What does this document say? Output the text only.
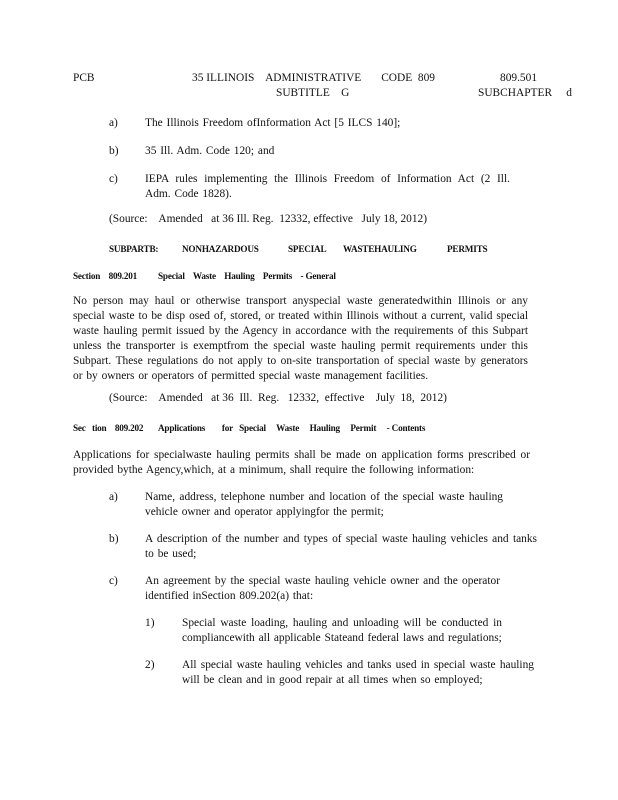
PCB	35 ILLINOIS    ADMINISTRATIVE       CODE  809	809.501
SUBTITLE    G	SUBCHAPTER     d
a) The Illinois Freedom ofInformation Act [5 ILCS 140];
b) 35 Ill. Adm. Code 120; and
c) IEPA rules implementing the Illinois Freedom of Information Act (2 Ill. Adm. Code 1828).
(Source:    Amended   at 36 Ill. Reg.  12332, effective   July 18, 2012)
SUBPARTB:	NONHAZARDOUS	SPECIAL WASTEHAULING	PERMITS
Section    809.201 Special    Waste    Hauling    Permits    - General
No person may haul or otherwise transport anyspecial waste generatedwithin Illinois or any special waste to be disp osed of, stored, or treated within Illinois without a current, valid special waste hauling permit issued by the Agency in accordance with the requirements of this Subpart unless the transporter is exemptfrom the special waste hauling permit requirements under this Subpart. These regulations do not apply to on-site transportation of special waste by generators or by owners or operators of permitted special waste management facilities.
(Source:    Amended   at 36  Ill.  Reg.   12332,  effective    July  18,  2012)
Sec   tion    809.202 Applications        for   Special     Waste     Hauling     Permit     - Contents
Applications for specialwaste hauling permits shall be made on application forms prescribed or provided bythe Agency,which, at a minimum, shall require the following information:
a) Name, address, telephone number and location of the special waste hauling vehicle owner and operator applyingfor the permit;
b) A description of the number and types of special waste hauling vehicles and tanks to be used;
c) An agreement by the special waste hauling vehicle owner and the operator identified inSection 809.202(a) that:
1) Special waste loading, hauling and unloading will be conducted in compliancewith all applicable Stateand federal laws and regulations;
2) All special waste hauling vehicles and tanks used in special waste hauling will be clean and in good repair at all times when so employed;
